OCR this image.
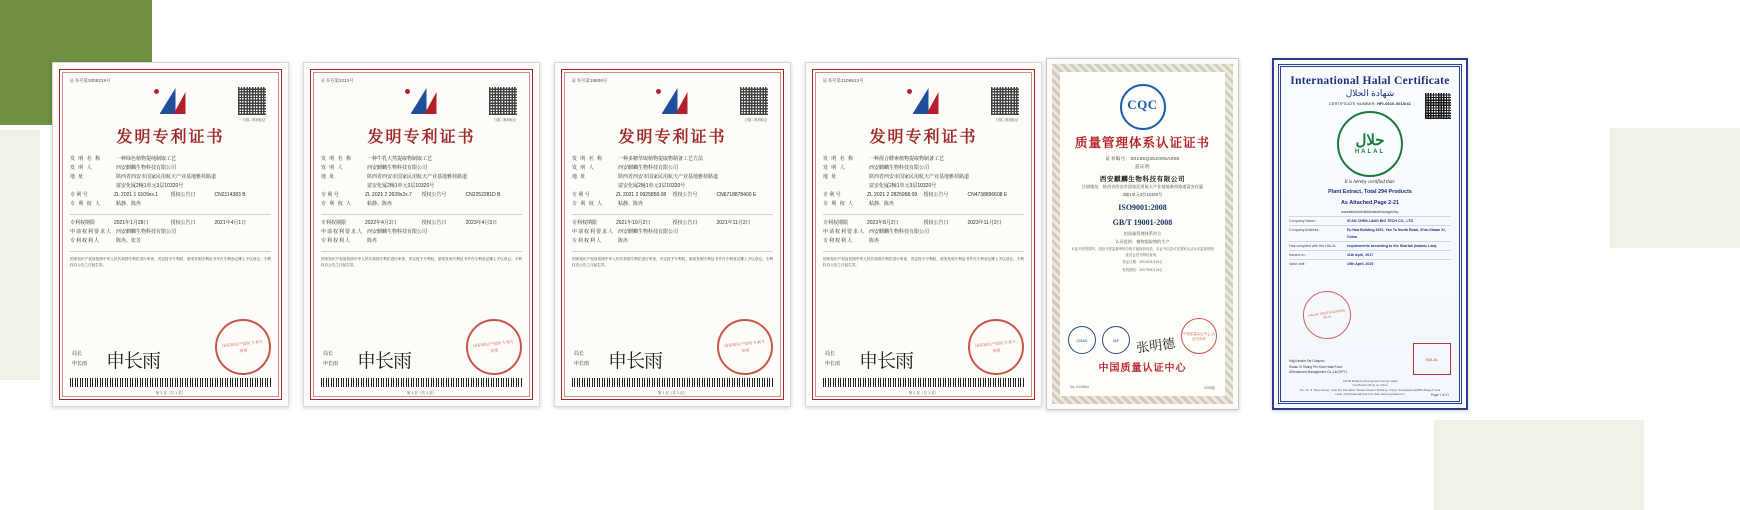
证书号第3008219号
扫描二维码验证
发明专利证书
发 明 名 称	一种绿色植物提纯制取工艺
发 明 人	西安麒麟生物科技有限公司
地 址	陕西省西安市国家民用航天产业基地雅荷路道
富安化厦2幢1单元3层10320号
专 利 号	ZL 2021 1 0109xx.1 授权公告日	CN2114383 B
专 利 权 人	粘静、陈冉
专利权期限	2021年1月28日	授权公告日	2021年4月1日
申请权利要求人 西安麒麟生物科技有限公司
专利权利人	陈冉、张芳
国家知识产权局依照中华人民共和国专利法进行审查，决定授予专利权，颁发发明专利证书并在专利登记簿上予以登记。专利权自公告之日起生效。
局长
申长雨 申长雨
国家知识产权局 专利专用章
第 1 页（共 1 页）
证书号第3213号
扫描二维码验证
发明专利证书
发 明 名 称	一种牛乳大然提取物制取工艺
发 明 人	西安麒麟生物科技有限公司
地 址	陕西省西安市国家民用航天产业基地雅荷路道
富安化厦2幢1单元3层10320号
专 利 号	ZL 2021 2 2639x2x.7 授权公告号	CN2252281D B
专 利 权 人	粘静、陈冉
专利权期限	2022年4月2日	授权公告日	2023年4月3日
申请权利要求人 西安麒麟生物科技有限公司
专利权利人	陈冉
国家知识产权局依照中华人民共和国专利法进行审查，决定授予专利权，颁发发明专利证书并在专利登记簿上予以登记。专利权自公告之日起生效。
局长
申长雨 申长雨
国家知识产权局 专利专用章
第 1 页（共 1 页）
证书号第18808号
扫描二维码验证
发明专利证书
发 明 名 称	一种多糖萃取植物提取物制备工艺方法
发 明 人	西安麒麟生物科技有限公司
地 址	陕西省西安市国家民用航天产业基地雅荷路道
富安化厦2幢1单元3层10320号
专 利 号	ZL 2021 2 0925858.08 授权公告号	CN6718878400 E
专 利 权 人	粘静、陈冉
专利权期限	2021年10月2日	授权公告日	2021年11月2日
申请权利要求人 西安麒麟生物科技有限公司
专利权利人	陈冉
国家知识产权局依照中华人民共和国专利法进行审查，决定授予专利权，颁发发明专利证书并在专利登记簿上予以登记。专利权自公告之日起生效。
局长
申长雨 申长雨
国家知识产权局 专利专用章
第 1 页（共 1 页）
证书号第3108613号
扫描二维码验证
发明专利证书
发 明 名 称	一种混合酵素植物提取物制备工艺
发 明 人	西安麒麟生物科技有限公司
地 址	陕西省西安市国家民用航天产业基地雅荷路道
富安化厦2幢1单元3层10320号
专 利 号	ZL 2021 2 2825958.09 授权公告号	CN4738896608 E
专 利 权 人	粘静、陈冉
专利权期限	2023年8月2日	授权公告日	2023年11月2日
申请权利要求人 西安麒麟生物科技有限公司
专利权利人	陈冉
国家知识产权局依照中华人民共和国专利法进行审查，决定授予专利权，颁发发明专利证书并在专利登记簿上予以登记。专利权自公告之日起生效。
局长
申长雨 申长雨
国家知识产权局 专利专用章
第 1 页（共 1 页）
CQC
质量管理体系认证证书
证书编号：00185Q352005A008
兹证明
西安麒麟生物科技有限公司
注册地址：陕西省西安市国家民用航天产业基地雅荷路道富安化厦
2幢1单元3层10320号
ISO9001:2008
GB/T 19001-2008
的质量管理体系符合
认证范围：植物提取物的生产
本证书有效期内，须经年度监督审核合格方能保持有效。本证书信息可在国家认证认可监督管理委员会官方网站查询。
发证日期：2014年8月14日
有效期至：2017年8月13日
CNAS	IAF	张明德
中国质量认证中心 认证专用章
中国质量认证中心
No. 01458xx	2008版
International Halal Certificate
شهادة الحلال
CERTIFICATE NUMBER: HFI-0010-0015/41
حلال
HALAL
It is hereby certified that:
Plant Extract, Total 294 Products
As Attached,Page 2-21
manufactured/distributed/managed by:
Company Name :	XI'AN CHEN LANG BIO TECH CO., LTD
Company Address :	Fu Hua Building 3201, Yan Ta South Road, Xi'an,Shaan Xi, China
Has complied with the HALAL	requirements according to the Shariah (Islamic Law)
Issued on :	11th April, 2017
Valid until :	10th April, 2019
HALAL CERTIFICATION SEAL
Hajj Kassim Far Ouapinu
Shaan Xi Shang Pin Yuan Halal Food
&Restaurant Management Co.,Ltd (SPY)
HALAL
JAKIM Malaysia Recognized Foreign Halal
Certification Body on China
No. 33, Jl. Raya Street, Yuan Pin Pia Halal, Wisata Shaanxi Building, China. Tel (telephone)888-4Page-5 mail Halal_Certification@mail.com Web www.spyhalal.com	Page 1 of 21
